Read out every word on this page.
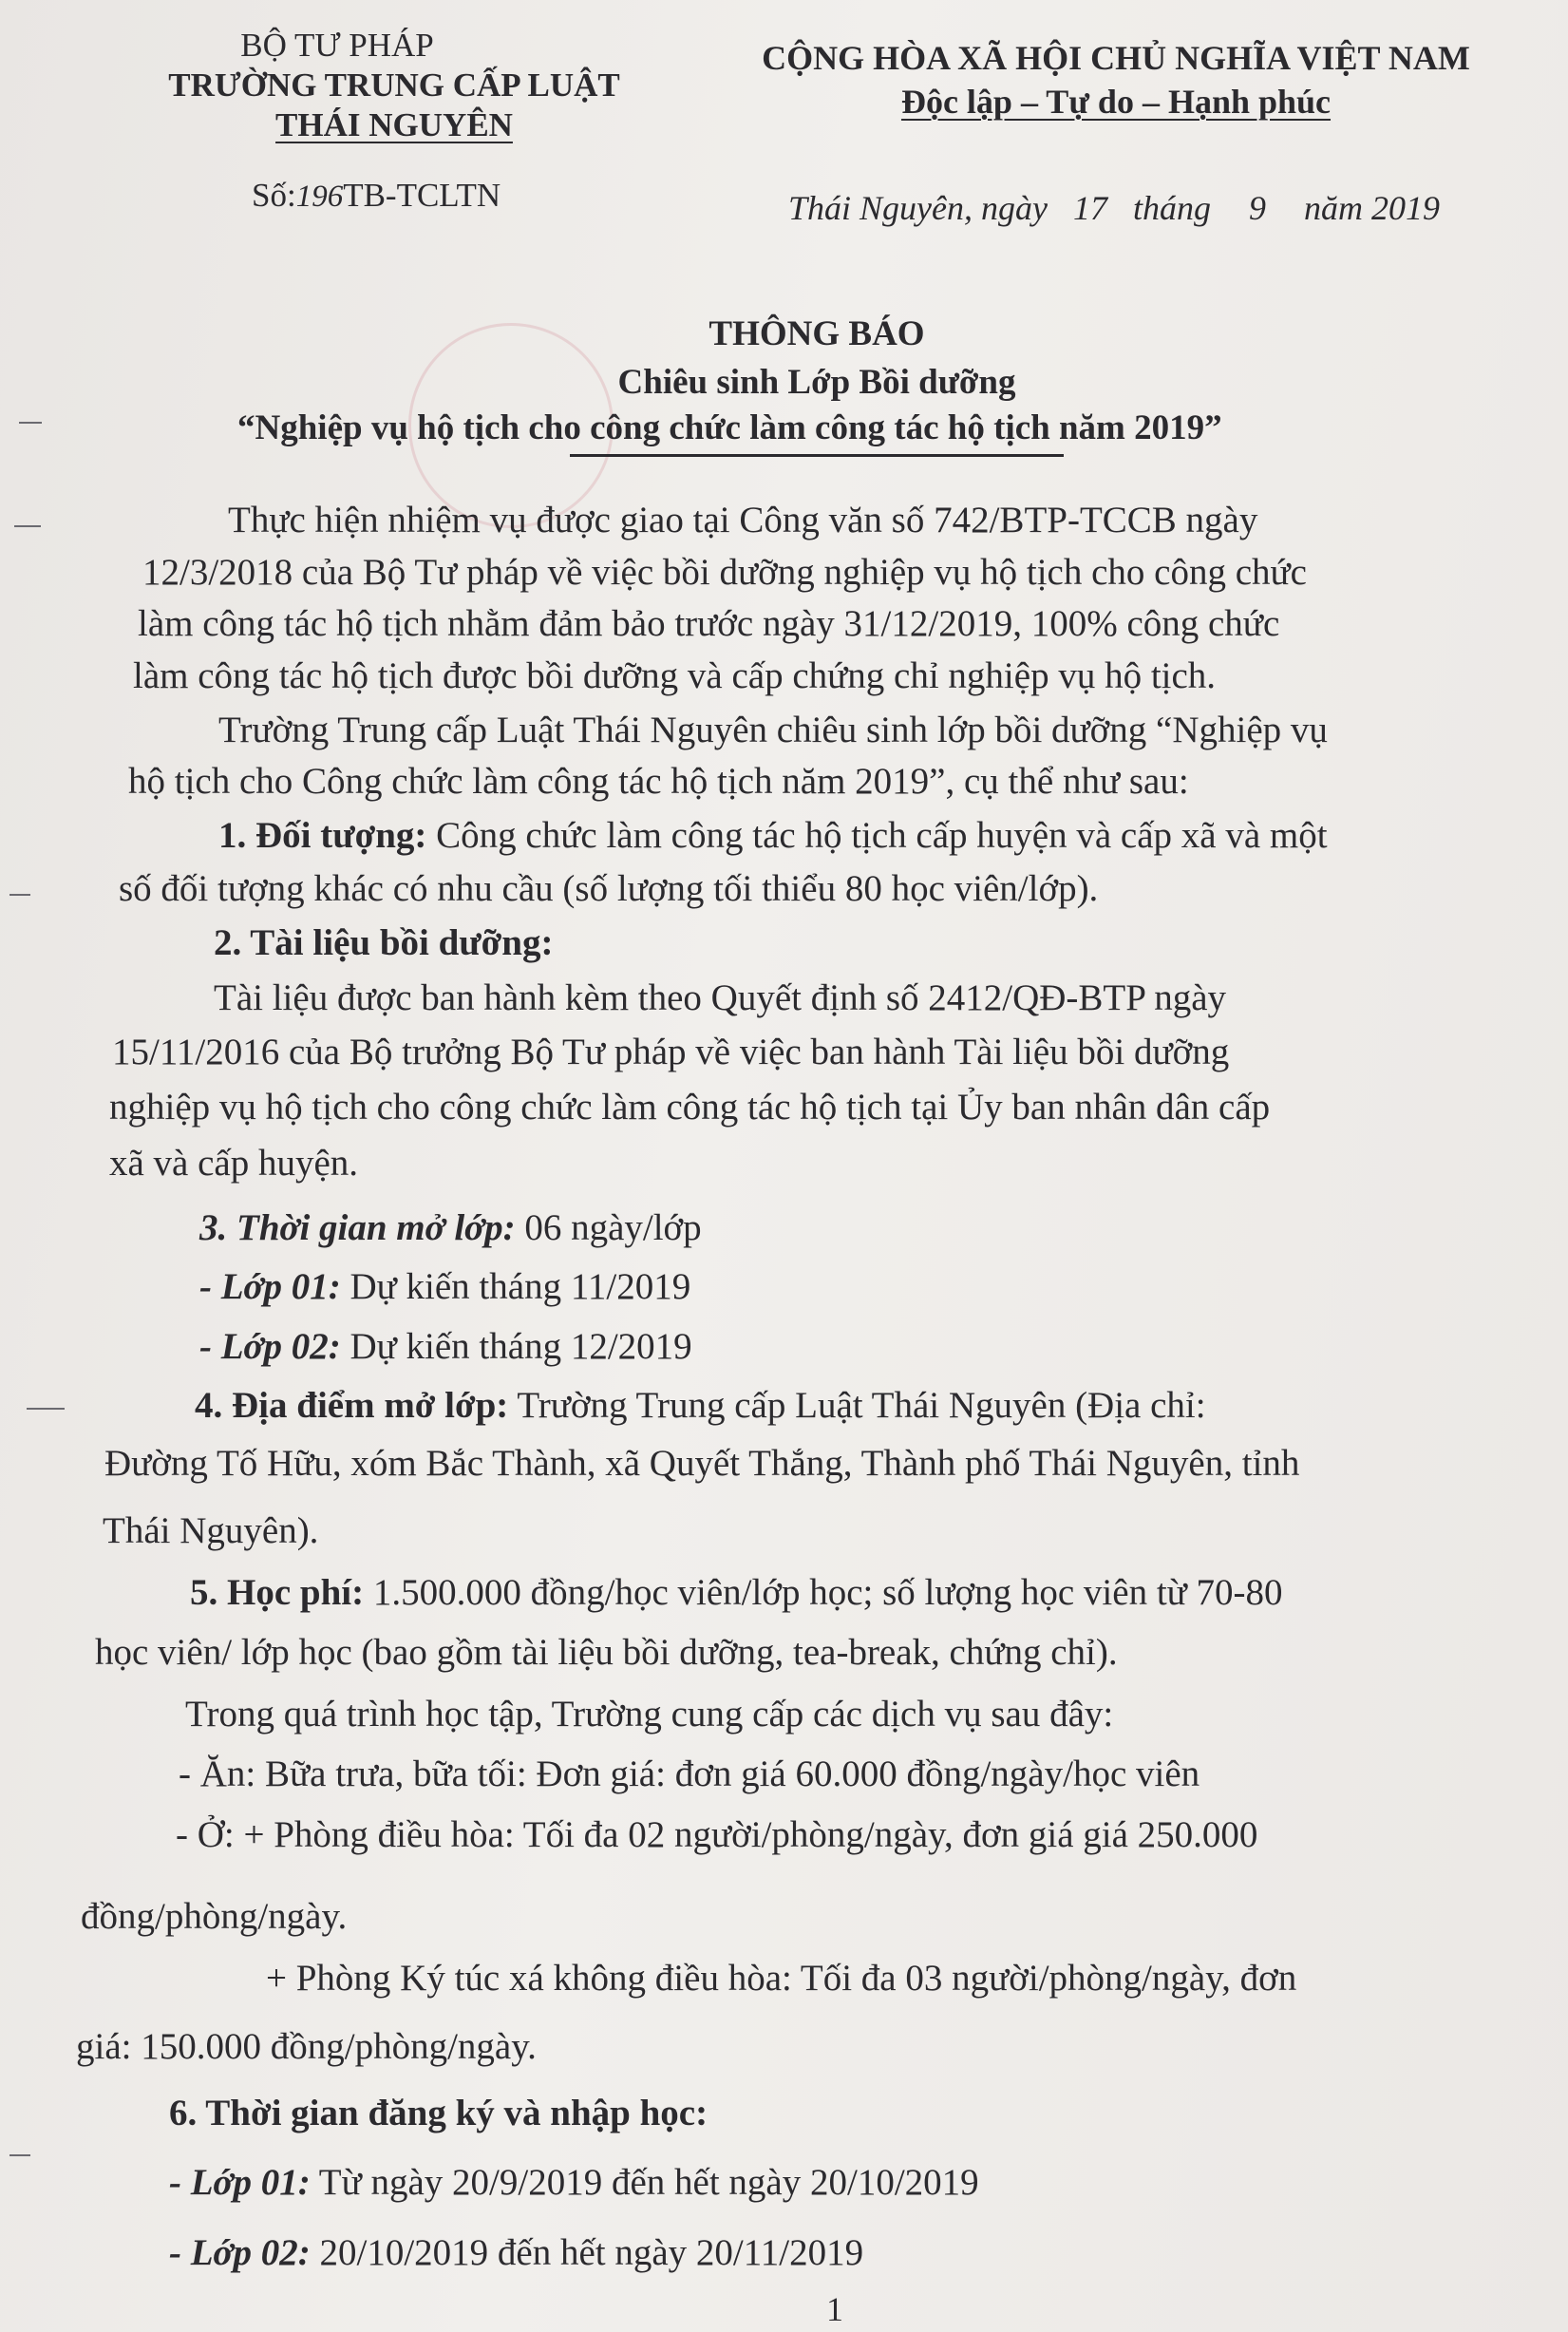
BỘ TƯ PHÁP
TRƯỜNG TRUNG CẤP LUẬT
THÁI NGUYÊN
Số:196TB-TCLTN
CỘNG HÒA XÃ HỘI CHỦ NGHĨA VIỆT NAM
Độc lập – Tự do – Hạnh phúc
Thái Nguyên, ngày 17 tháng 9 năm 2019
THÔNG BÁO
Chiêu sinh Lớp Bồi dưỡng
“Nghiệp vụ hộ tịch cho công chức làm công tác hộ tịch năm 2019”
Thực hiện nhiệm vụ được giao tại Công văn số 742/BTP-TCCB ngày
12/3/2018 của Bộ Tư pháp về việc bồi dưỡng nghiệp vụ hộ tịch cho công chức
làm công tác hộ tịch nhằm đảm bảo trước ngày 31/12/2019, 100% công chức
làm công tác hộ tịch được bồi dưỡng và cấp chứng chỉ nghiệp vụ hộ tịch.
Trường Trung cấp Luật Thái Nguyên chiêu sinh lớp bồi dưỡng “Nghiệp vụ
hộ tịch cho Công chức làm công tác hộ tịch năm 2019”, cụ thể như sau:
1. Đối tượng: Công chức làm công tác hộ tịch cấp huyện và cấp xã và một
số đối tượng khác có nhu cầu (số lượng tối thiểu 80 học viên/lớp).
2. Tài liệu bồi dưỡng:
Tài liệu được ban hành kèm theo Quyết định số 2412/QĐ-BTP ngày
15/11/2016 của Bộ trưởng Bộ Tư pháp về việc ban hành Tài liệu bồi dưỡng
nghiệp vụ hộ tịch cho công chức làm công tác hộ tịch tại Ủy ban nhân dân cấp
xã và cấp huyện.
3. Thời gian mở lớp: 06 ngày/lớp
- Lớp 01: Dự kiến tháng 11/2019
- Lớp 02: Dự kiến tháng 12/2019
4. Địa điểm mở lớp: Trường Trung cấp Luật Thái Nguyên (Địa chỉ:
Đường Tố Hữu, xóm Bắc Thành, xã Quyết Thắng, Thành phố Thái Nguyên, tỉnh
Thái Nguyên).
5. Học phí: 1.500.000 đồng/học viên/lớp học; số lượng học viên từ 70-80
học viên/ lớp học (bao gồm tài liệu bồi dưỡng, tea-break, chứng chỉ).
Trong quá trình học tập, Trường cung cấp các dịch vụ sau đây:
- Ăn: Bữa trưa, bữa tối: Đơn giá: đơn giá 60.000 đồng/ngày/học viên
- Ở: + Phòng điều hòa: Tối đa 02 người/phòng/ngày, đơn giá giá 250.000
đồng/phòng/ngày.
+ Phòng Ký túc xá không điều hòa: Tối đa 03 người/phòng/ngày, đơn
giá: 150.000 đồng/phòng/ngày.
6. Thời gian đăng ký và nhập học:
- Lớp 01: Từ ngày 20/9/2019 đến hết ngày 20/10/2019
- Lớp 02: 20/10/2019 đến hết ngày 20/11/2019
1
